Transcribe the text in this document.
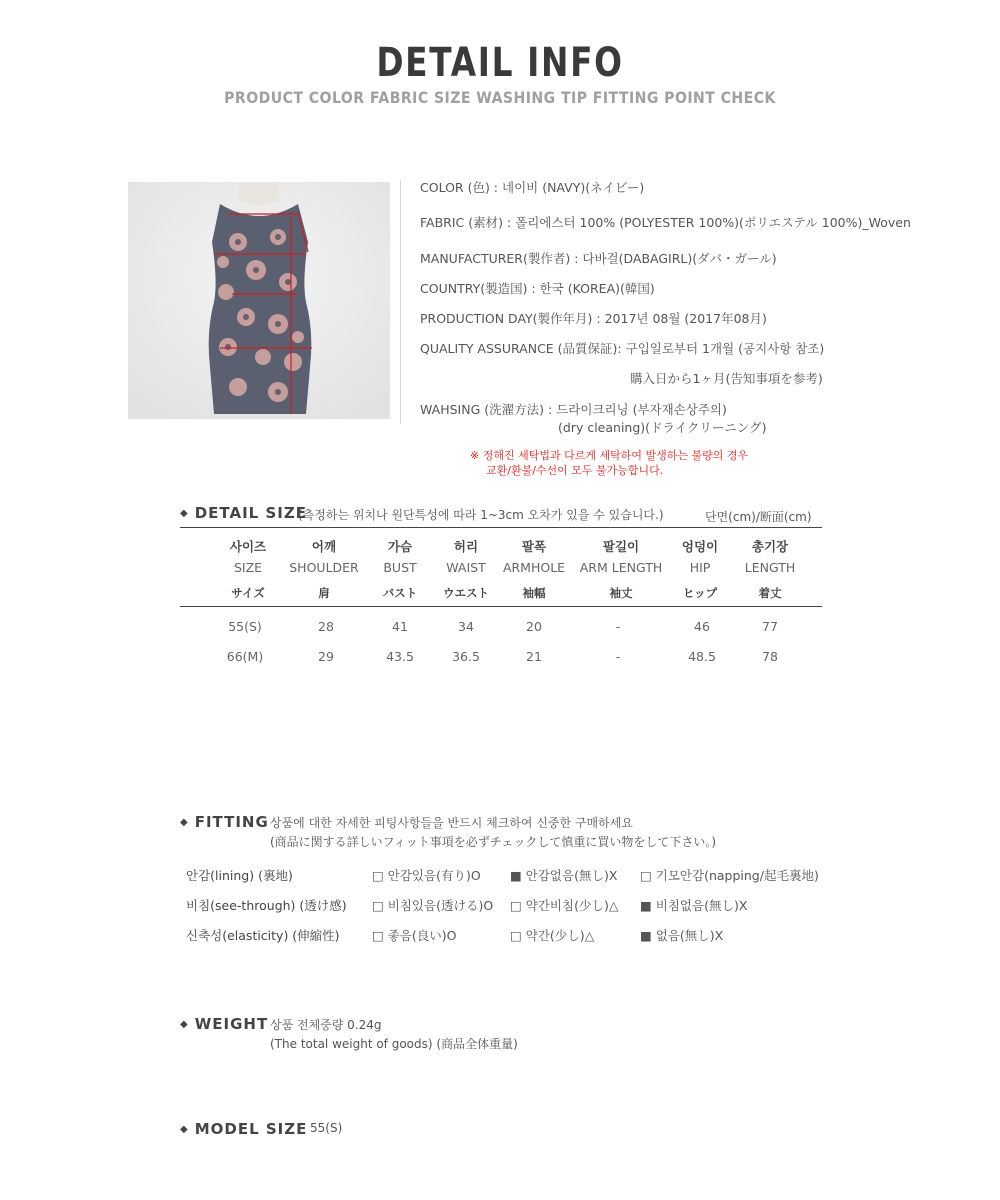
DETAIL INFO
PRODUCT COLOR FABRIC SIZE WASHING TIP FITTING POINT CHECK
COLOR (色) : 네이비 (NAVY)(ネイビー)
FABRIC (素材) : 폴리에스터 100% (POLYESTER 100%)(ポリエステル 100%)_Woven
MANUFACTURER(製作者) : 다바걸(DABAGIRL)(ダバ・ガール)
COUNTRY(製造国) : 한국 (KOREA)(韓国)
PRODUCTION DAY(製作年月) : 2017년 08월 (2017年08月)
QUALITY ASSURANCE (品質保証): 구입일로부터 1개월 (공지사항 참조)
購入日から1ヶ月(告知事項を参考)
WAHSING (洗濯方法) : 드라이크리닝 (부자재손상주의)
(dry cleaning)(ドライクリーニング)
※ 정해진 세탁법과 다르게 세탁하여 발생하는 불량의 경우
교환/환불/수선이 모두 불가능합니다.
◆ DETAIL SIZE
(측정하는 위치나 원단특성에 따라 1~3cm 오차가 있을 수 있습니다.)	단면(cm)/断面(cm)
사이즈	어깨	가슴	허리	팔폭	팔길이	엉덩이	총기장
SIZE	SHOULDER	BUST	WAIST	ARMHOLE	ARM LENGTH	HIP	LENGTH
サイズ	肩	バスト	ウエスト	袖幅	袖丈	ヒップ	着丈
55(S)	28	41	34	20	-	46	77
66(M)	29	43.5	36.5	21	-	48.5	78
◆ FITTING 상품에 대한 자세한 피팅사항들을 반드시 체크하여 신중한 구매하세요
(商品に関する詳しいフィット事項を必ずチェックして慎重に買い物をして下さい。)
안감(lining) (裏地)	□ 안감있음(有り)O ■ 안감없음(無し)X □ 기모안감(napping/起毛裏地)
비침(see-through) (透け感) □ 비침있음(透ける)O □ 약간비침(少し)△ ■ 비침없음(無し)X
신축성(elasticity) (伸縮性)	□ 좋음(良い)O	□ 약간(少し)△	■ 없음(無し)X
◆ WEIGHT 상품 전체중량 0.24g
(The total weight of goods) (商品全体重量)
◆ MODEL SIZE 55(S)
